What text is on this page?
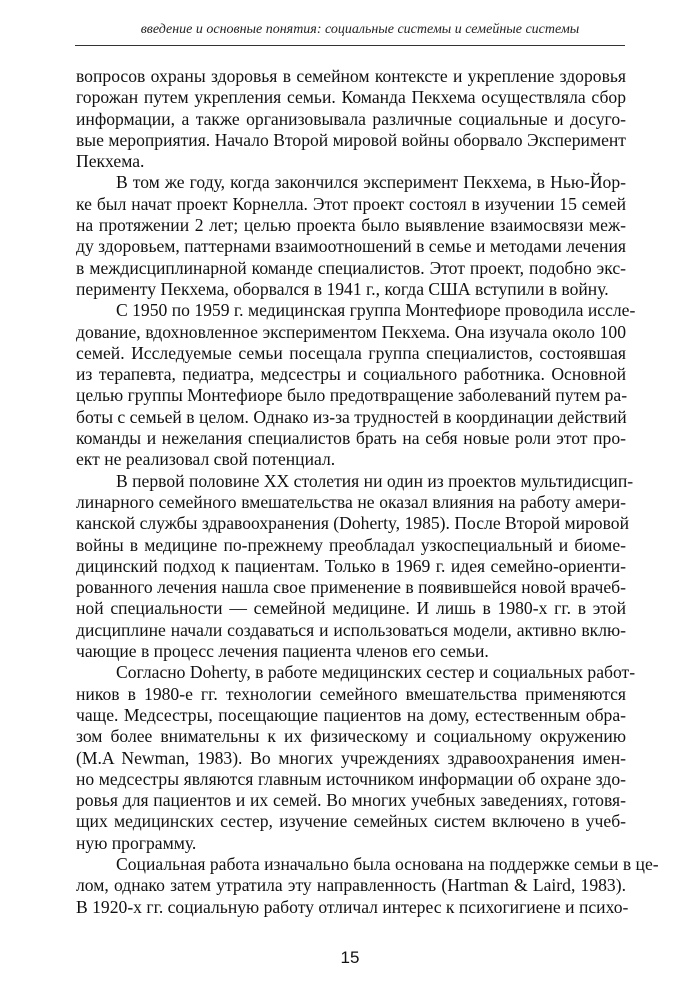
введение и основные понятия: социальные системы и семейные системы
вопросов охраны здоровья в семейном контексте и укрепление здоровья
горожан путем укрепления семьи. Команда Пекхема осуществляла сбор
информации, а также организовывала различные социальные и досуго-
вые мероприятия. Начало Второй мировой войны оборвало Эксперимент
Пекхема.
В том же году, когда закончился эксперимент Пекхема, в Нью-Йор-
ке был начат проект Корнелла. Этот проект состоял в изучении 15 семей
на протяжении 2 лет; целью проекта было выявление взаимосвязи меж-
ду здоровьем, паттернами взаимоотношений в семье и методами лечения
в междисциплинарной команде специалистов. Этот проект, подобно экс-
перименту Пекхема, оборвался в 1941 г., когда США вступили в войну.
С 1950 по 1959 г. медицинская группа Монтефиоре проводила иссле-
дование, вдохновленное экспериментом Пекхема. Она изучала около 100
семей. Исследуемые семьи посещала группа специалистов, состоявшая
из терапевта, педиатра, медсестры и социального работника. Основной
целью группы Монтефиоре было предотвращение заболеваний путем ра-
боты с семьей в целом. Однако из-за трудностей в координации действий
команды и нежелания специалистов брать на себя новые роли этот про-
ект не реализовал свой потенциал.
В первой половине XX столетия ни один из проектов мультидисцип-
линарного семейного вмешательства не оказал влияния на работу амери-
канской службы здравоохранения (Doherty, 1985). После Второй мировой
войны в медицине по-прежнему преобладал узкоспециальный и биоме-
дицинский подход к пациентам. Только в 1969 г. идея семейно-ориенти-
рованного лечения нашла свое применение в появившейся новой врачеб-
ной специальности — семейной медицине. И лишь в 1980-х гг. в этой
дисциплине начали создаваться и использоваться модели, активно вклю-
чающие в процесс лечения пациента членов его семьи.
Согласно Doherty, в работе медицинских сестер и социальных работ-
ников в 1980-е гг. технологии семейного вмешательства применяются
чаще. Медсестры, посещающие пациентов на дому, естественным обра-
зом более внимательны к их физическому и социальному окружению
(M.A Newman, 1983). Во многих учреждениях здравоохранения имен-
но медсестры являются главным источником информации об охране здо-
ровья для пациентов и их семей. Во многих учебных заведениях, готовя-
щих медицинских сестер, изучение семейных систем включено в учеб-
ную программу.
Социальная работа изначально была основана на поддержке семьи в це-
лом, однако затем утратила эту направленность (Hartman & Laird, 1983).
В 1920-х гг. социальную работу отличал интерес к психогигиене и психо-
15
